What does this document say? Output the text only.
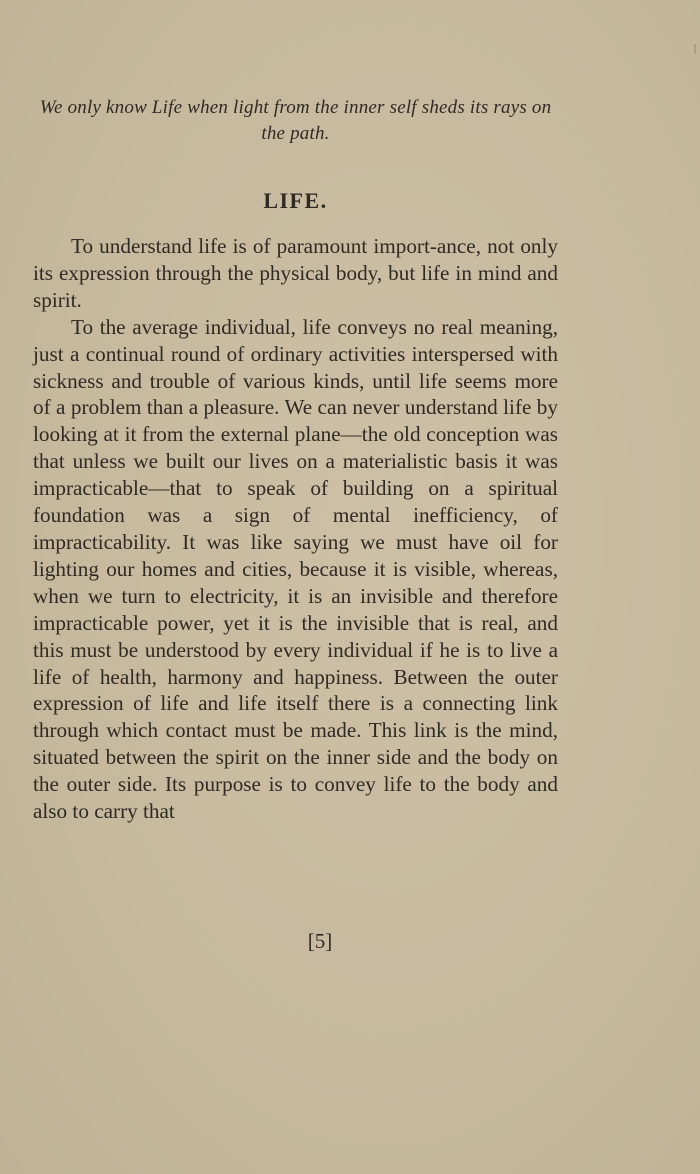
We only know Life when light from the inner self sheds its rays on the path.

LIFE.

To understand life is of paramount import-ance, not only its expression through the physical body, but life in mind and spirit.

To the average individual, life conveys no real meaning, just a continual round of ordinary activities interspersed with sickness and trouble of various kinds, until life seems more of a problem than a pleasure. We can never understand life by looking at it from the external plane—the old conception was that unless we built our lives on a materialistic basis it was impracticable—that to speak of building on a spiritual foundation was a sign of mental inefficiency, of impracticability. It was like saying we must have oil for lighting our homes and cities, because it is visible, whereas, when we turn to electricity, it is an invisible and therefore impracticable power, yet it is the invisible that is real, and this must be understood by every individual if he is to live a life of health, harmony and happiness. Between the outer expression of life and life itself there is a connecting link through which contact must be made. This link is the mind, situated between the spirit on the inner side and the body on the outer side. Its purpose is to convey life to the body and also to carry that

[5]
